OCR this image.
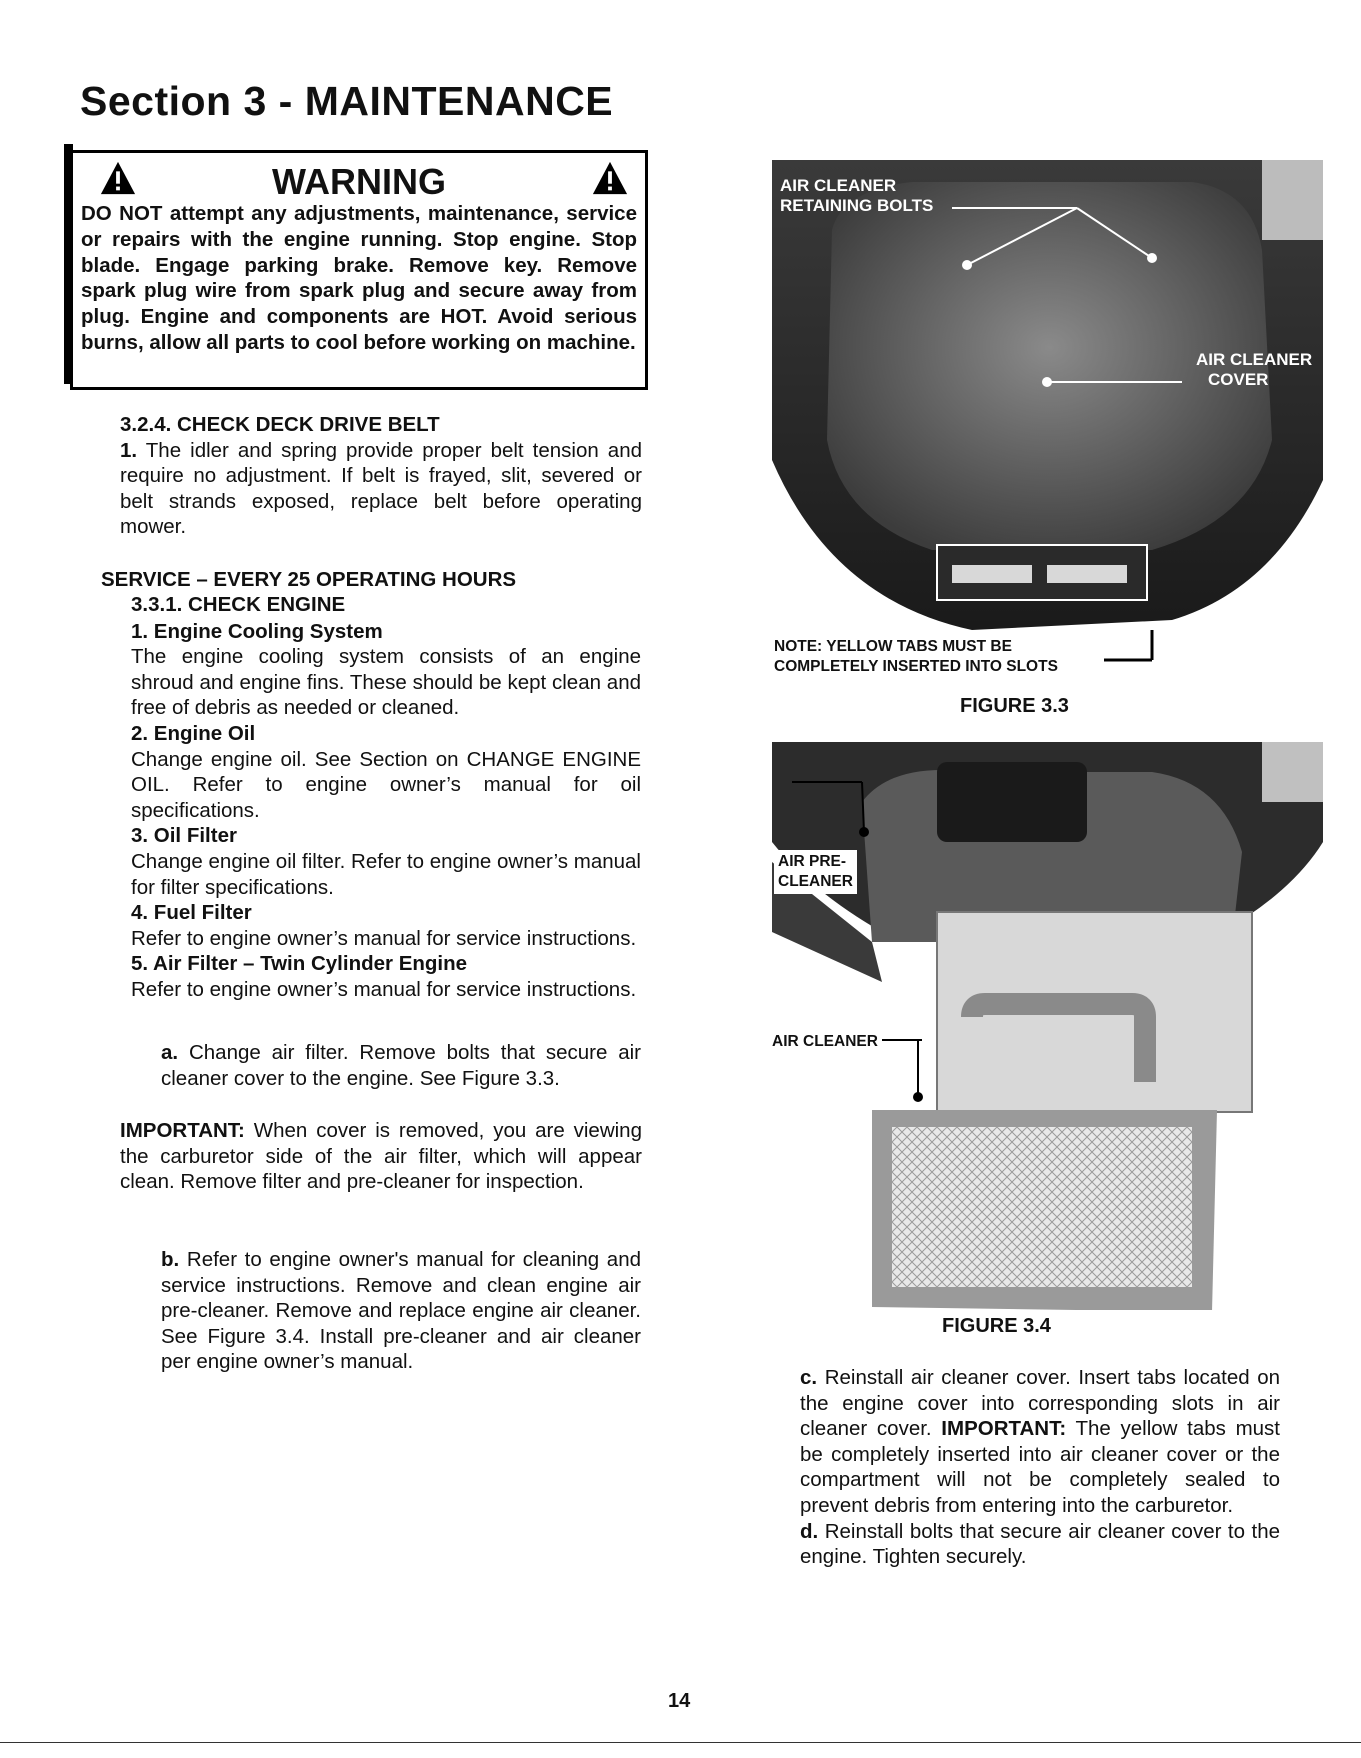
Section 3 - MAINTENANCE
WARNING
DO NOT attempt any adjustments, maintenance, service or repairs with the engine running. Stop engine. Stop blade. Engage parking brake. Remove key. Remove spark plug wire from spark plug and secure away from plug. Engine and components are HOT. Avoid serious burns, allow all parts to cool before working on machine.

3.2.4. CHECK DECK DRIVE BELT

1. The idler and spring provide proper belt tension and require no adjustment. If belt is frayed, slit, severed or belt strands exposed, replace belt before operating mower.

SERVICE – EVERY 25 OPERATING HOURS

3.3.1. CHECK ENGINE

1. Engine Cooling System

The engine cooling system consists of an engine shroud and engine fins. These should be kept clean and free of debris as needed or cleaned.

2. Engine Oil

Change engine oil. See Section on CHANGE ENGINE OIL. Refer to engine owner’s manual for oil specifications.

3. Oil Filter

Change engine oil filter. Refer to engine owner’s manual for filter specifications.

4. Fuel Filter

Refer to engine owner’s manual for service instructions.

5. Air Filter – Twin Cylinder Engine

Refer to engine owner’s manual for service instructions.

a. Change air filter. Remove bolts that secure air cleaner cover to the engine. See Figure 3.3.

IMPORTANT: When cover is removed, you are viewing the carburetor side of the air filter, which will appear clean. Remove filter and pre-cleaner for inspection.

b. Refer to engine owner's manual for cleaning and service instructions. Remove and clean engine air pre-cleaner. Remove and replace engine air cleaner. See Figure 3.4. Install pre-cleaner and air cleaner per engine owner’s manual.

AIR CLEANER
RETAINING BOLTS
AIR CLEANER
COVER
NOTE: YELLOW TABS MUST BE
COMPLETELY INSERTED INTO SLOTS
FIGURE 3.3
AIR PRE-
CLEANER
AIR CLEANER
FIGURE 3.4

c. Reinstall air cleaner cover. Insert tabs located on the engine cover into corresponding slots in air cleaner cover. IMPORTANT: The yellow tabs must be completely inserted into air cleaner cover or the compartment will not be completely sealed to prevent debris from entering into the carburetor.

d. Reinstall bolts that secure air cleaner cover to the engine. Tighten securely.

14
